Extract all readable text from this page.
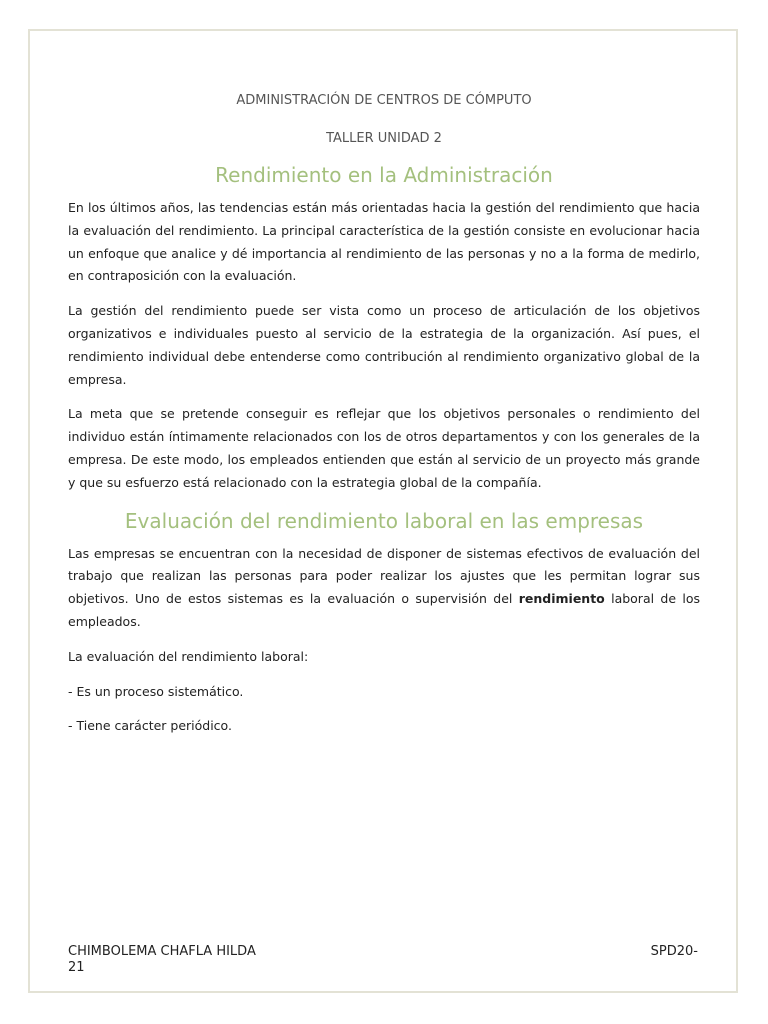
ADMINISTRACIÓN DE CENTROS DE CÓMPUTO

TALLER UNIDAD 2

Rendimiento en la Administración

En los últimos años, las tendencias están más orientadas hacia la gestión del rendimiento que hacia la evaluación del rendimiento. La principal característica de la gestión consiste en evolucionar hacia un enfoque que analice y dé importancia al rendimiento de las personas y no a la forma de medirlo, en contraposición con la evaluación.

La gestión del rendimiento puede ser vista como un proceso de articulación de los objetivos organizativos e individuales puesto al servicio de la estrategia de la organización. Así pues, el rendimiento individual debe entenderse como contribución al rendimiento organizativo global de la empresa.

La meta que se pretende conseguir es reflejar que los objetivos personales o rendimiento del individuo están íntimamente relacionados con los de otros departamentos y con los generales de la empresa. De este modo, los empleados entienden que están al servicio de un proyecto más grande y que su esfuerzo está relacionado con la estrategia global de la compañía.

Evaluación del rendimiento laboral en las empresas

Las empresas se encuentran con la necesidad de disponer de sistemas efectivos de evaluación del trabajo que realizan las personas para poder realizar los ajustes que les permitan lograr sus objetivos. Uno de estos sistemas es la evaluación o supervisión del rendimiento laboral de los empleados.

La evaluación del rendimiento laboral:

- Es un proceso sistemático.

- Tiene carácter periódico.

CHIMBOLEMA CHAFLA HILDA	SPD20-
21
